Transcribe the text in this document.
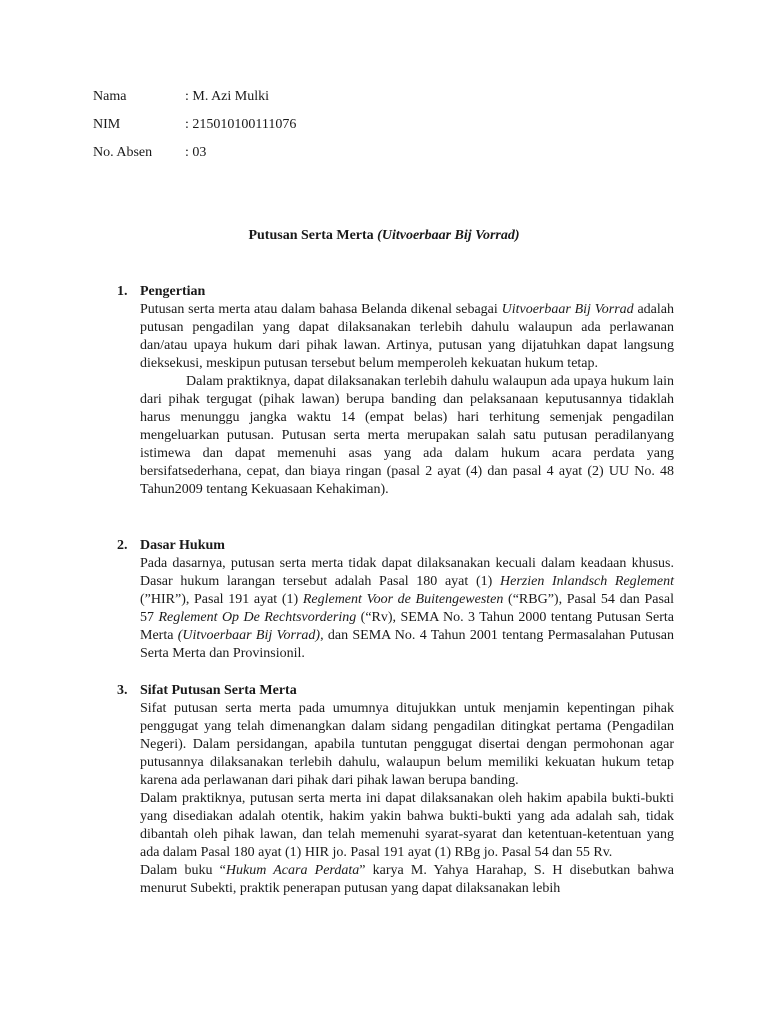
Nama	: M. Azi Mulki
NIM	: 215010100111076
No. Absen	: 03
Putusan Serta Merta (Uitvoerbaar Bij Vorrad)
1. Pengertian
Putusan serta merta atau dalam bahasa Belanda dikenal sebagai Uitvoerbaar Bij Vorrad adalah putusan pengadilan yang dapat dilaksanakan terlebih dahulu walaupun ada perlawanan dan/atau upaya hukum dari pihak lawan. Artinya, putusan yang dijatuhkan dapat langsung dieksekusi, meskipun putusan tersebut belum memperoleh kekuatan hukum tetap.
Dalam praktiknya, dapat dilaksanakan terlebih dahulu walaupun ada upaya hukum lain dari pihak tergugat (pihak lawan) berupa banding dan pelaksanaan keputusannya tidaklah harus menunggu jangka waktu 14 (empat belas) hari terhitung semenjak pengadilan mengeluarkan putusan. Putusan serta merta merupakan salah satu putusan peradilanyang istimewa dan dapat memenuhi asas yang ada dalam hukum acara perdata yang bersifatsederhana, cepat, dan biaya ringan (pasal 2 ayat (4) dan pasal 4 ayat (2) UU No. 48 Tahun2009 tentang Kekuasaan Kehakiman).
2. Dasar Hukum
Pada dasarnya, putusan serta merta tidak dapat dilaksanakan kecuali dalam keadaan khusus. Dasar hukum larangan tersebut adalah Pasal 180 ayat (1) Herzien Inlandsch Reglement (”HIR”), Pasal 191 ayat (1) Reglement Voor de Buitengewesten (“RBG”), Pasal 54 dan Pasal 57 Reglement Op De Rechtsvordering (“Rv), SEMA No. 3 Tahun 2000 tentang Putusan Serta Merta (Uitvoerbaar Bij Vorrad), dan SEMA No. 4 Tahun 2001 tentang Permasalahan Putusan Serta Merta dan Provinsionil.
3. Sifat Putusan Serta Merta
Sifat putusan serta merta pada umumnya ditujukkan untuk menjamin kepentingan pihak penggugat yang telah dimenangkan dalam sidang pengadilan ditingkat pertama (Pengadilan Negeri). Dalam persidangan, apabila tuntutan penggugat disertai dengan permohonan agar putusannya dilaksanakan terlebih dahulu, walaupun belum memiliki kekuatan hukum tetap karena ada perlawanan dari pihak dari pihak lawan berupa banding.
Dalam praktiknya, putusan serta merta ini dapat dilaksanakan oleh hakim apabila bukti-bukti yang disediakan adalah otentik, hakim yakin bahwa bukti-bukti yang ada adalah sah, tidak dibantah oleh pihak lawan, dan telah memenuhi syarat-syarat dan ketentuan-ketentuan yang ada dalam Pasal 180 ayat (1) HIR jo. Pasal 191 ayat (1) RBg jo. Pasal 54 dan 55 Rv.
Dalam buku “Hukum Acara Perdata” karya M. Yahya Harahap, S. H disebutkan bahwa menurut Subekti, praktik penerapan putusan yang dapat dilaksanakan lebih
